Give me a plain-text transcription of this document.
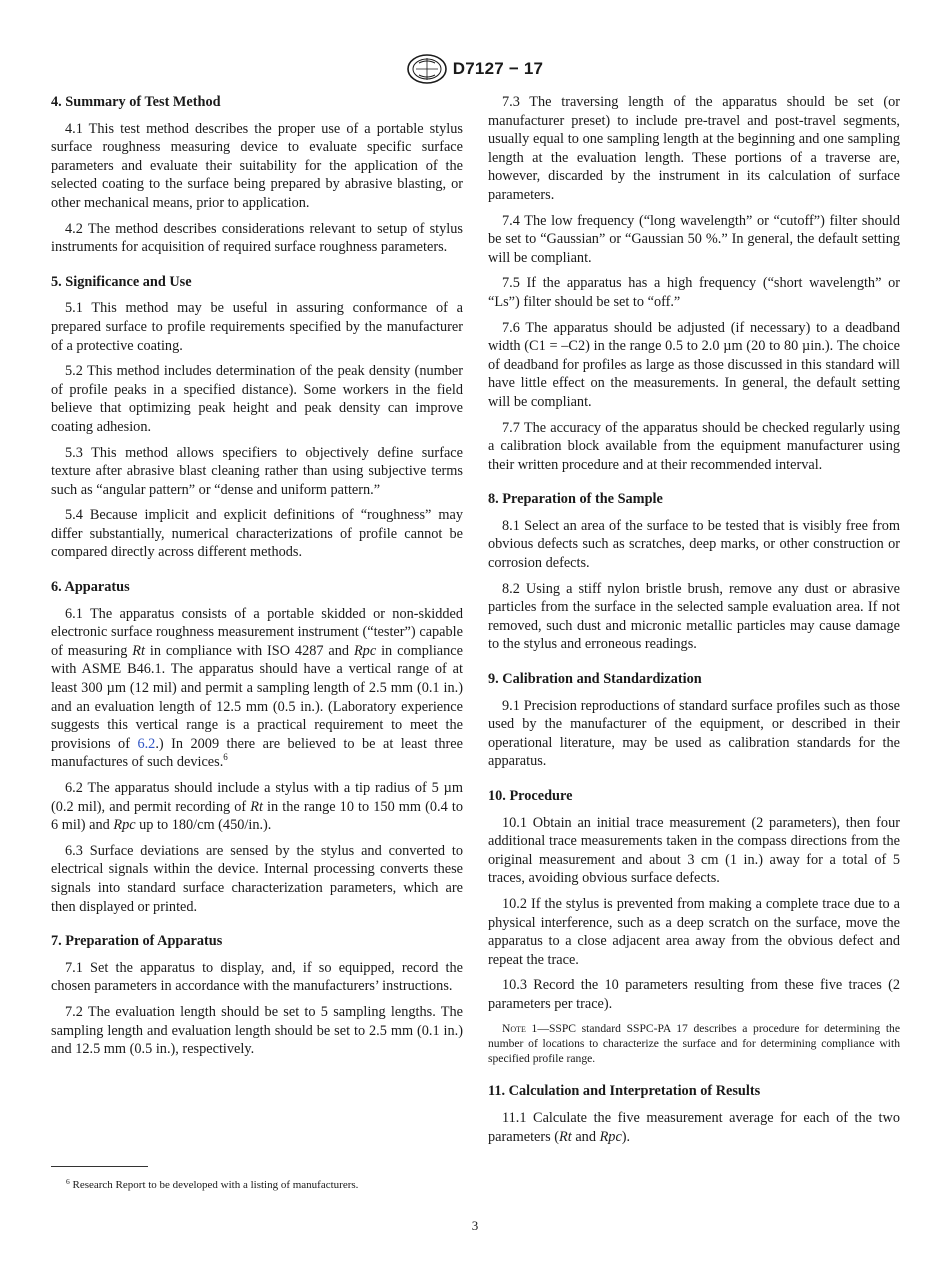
D7127 − 17

4. Summary of Test Method

4.1 This test method describes the proper use of a portable stylus surface roughness measuring device to evaluate specific surface parameters and evaluate their suitability for the application of the selected coating to the surface being prepared by abrasive blasting, or other mechanical means, prior to application.

4.2 The method describes considerations relevant to setup of stylus instruments for acquisition of required surface roughness parameters.

5. Significance and Use

5.1 This method may be useful in assuring conformance of a prepared surface to profile requirements specified by the manufacturer of a protective coating.

5.2 This method includes determination of the peak density (number of profile peaks in a specified distance). Some workers in the field believe that optimizing peak height and peak density can improve coating adhesion.

5.3 This method allows specifiers to objectively define surface texture after abrasive blast cleaning rather than using subjective terms such as “angular pattern” or “dense and uniform pattern.”

5.4 Because implicit and explicit definitions of “roughness” may differ substantially, numerical characterizations of profile cannot be compared directly across different methods.

6. Apparatus

6.1 The apparatus consists of a portable skidded or non-skidded electronic surface roughness measurement instrument (“tester”) capable of measuring Rt in compliance with ISO 4287 and Rpc in compliance with ASME B46.1. The apparatus should have a vertical range of at least 300 µm (12 mil) and permit a sampling length of 2.5 mm (0.1 in.) and an evaluation length of 12.5 mm (0.5 in.). (Laboratory experience suggests this vertical range is a practical requirement to meet the provisions of 6.2.) In 2009 there are believed to be at least three manufactures of such devices.$^6$

6.2 The apparatus should include a stylus with a tip radius of 5 µm (0.2 mil), and permit recording of Rt in the range 10 to 150 mm (0.4 to 6 mil) and Rpc up to 180/cm (450/in.).

6.3 Surface deviations are sensed by the stylus and converted to electrical signals within the device. Internal processing converts these signals into standard surface characterization parameters, which are then displayed or printed.

7. Preparation of Apparatus

7.1 Set the apparatus to display, and, if so equipped, record the chosen parameters in accordance with the manufacturers’ instructions.

7.2 The evaluation length should be set to 5 sampling lengths. The sampling length and evaluation length should be set to 2.5 mm (0.1 in.) and 12.5 mm (0.5 in.), respectively.

7.3 The traversing length of the apparatus should be set (or manufacturer preset) to include pre-travel and post-travel segments, usually equal to one sampling length at the beginning and one sampling length at the evaluation length. These portions of a traverse are, however, discarded by the instrument in its calculation of surface parameters.

7.4 The low frequency (“long wavelength” or “cutoff”) filter should be set to “Gaussian” or “Gaussian 50 %.” In general, the default setting will be compliant.

7.5 If the apparatus has a high frequency (“short wavelength” or “Ls”) filter should be set to “off.”

7.6 The apparatus should be adjusted (if necessary) to a deadband width (C1 = –C2) in the range 0.5 to 2.0 µm (20 to 80 µin.). The choice of deadband for profiles as large as those discussed in this standard will have little effect on the measurements. In general, the default setting will be compliant.

7.7 The accuracy of the apparatus should be checked regularly using a calibration block available from the equipment manufacturer using their written procedure and at their recommended interval.

8. Preparation of the Sample

8.1 Select an area of the surface to be tested that is visibly free from obvious defects such as scratches, deep marks, or other construction or corrosion defects.

8.2 Using a stiff nylon bristle brush, remove any dust or abrasive particles from the surface in the selected sample evaluation area. If not removed, such dust and micronic metallic particles may cause damage to the stylus and erroneous readings.

9. Calibration and Standardization

9.1 Precision reproductions of standard surface profiles such as those used by the manufacturer of the equipment, or described in their operational literature, may be used as calibration standards for the apparatus.

10. Procedure

10.1 Obtain an initial trace measurement (2 parameters), then four additional trace measurements taken in the compass directions from the original measurement and about 3 cm (1 in.) away for a total of 5 traces, avoiding obvious surface defects.

10.2 If the stylus is prevented from making a complete trace due to a physical interference, such as a deep scratch on the surface, move the apparatus to a close adjacent area away from the obvious defect and repeat the trace.

10.3 Record the 10 parameters resulting from these five traces (2 parameters per trace).

Note 1—SSPC standard SSPC-PA 17 describes a procedure for determining the number of locations to characterize the surface and for determining compliance with specified profile range.

11. Calculation and Interpretation of Results

11.1 Calculate the five measurement average for each of the two parameters (Rt and Rpc).

$^6$ Research Report to be developed with a listing of manufacturers.
3
